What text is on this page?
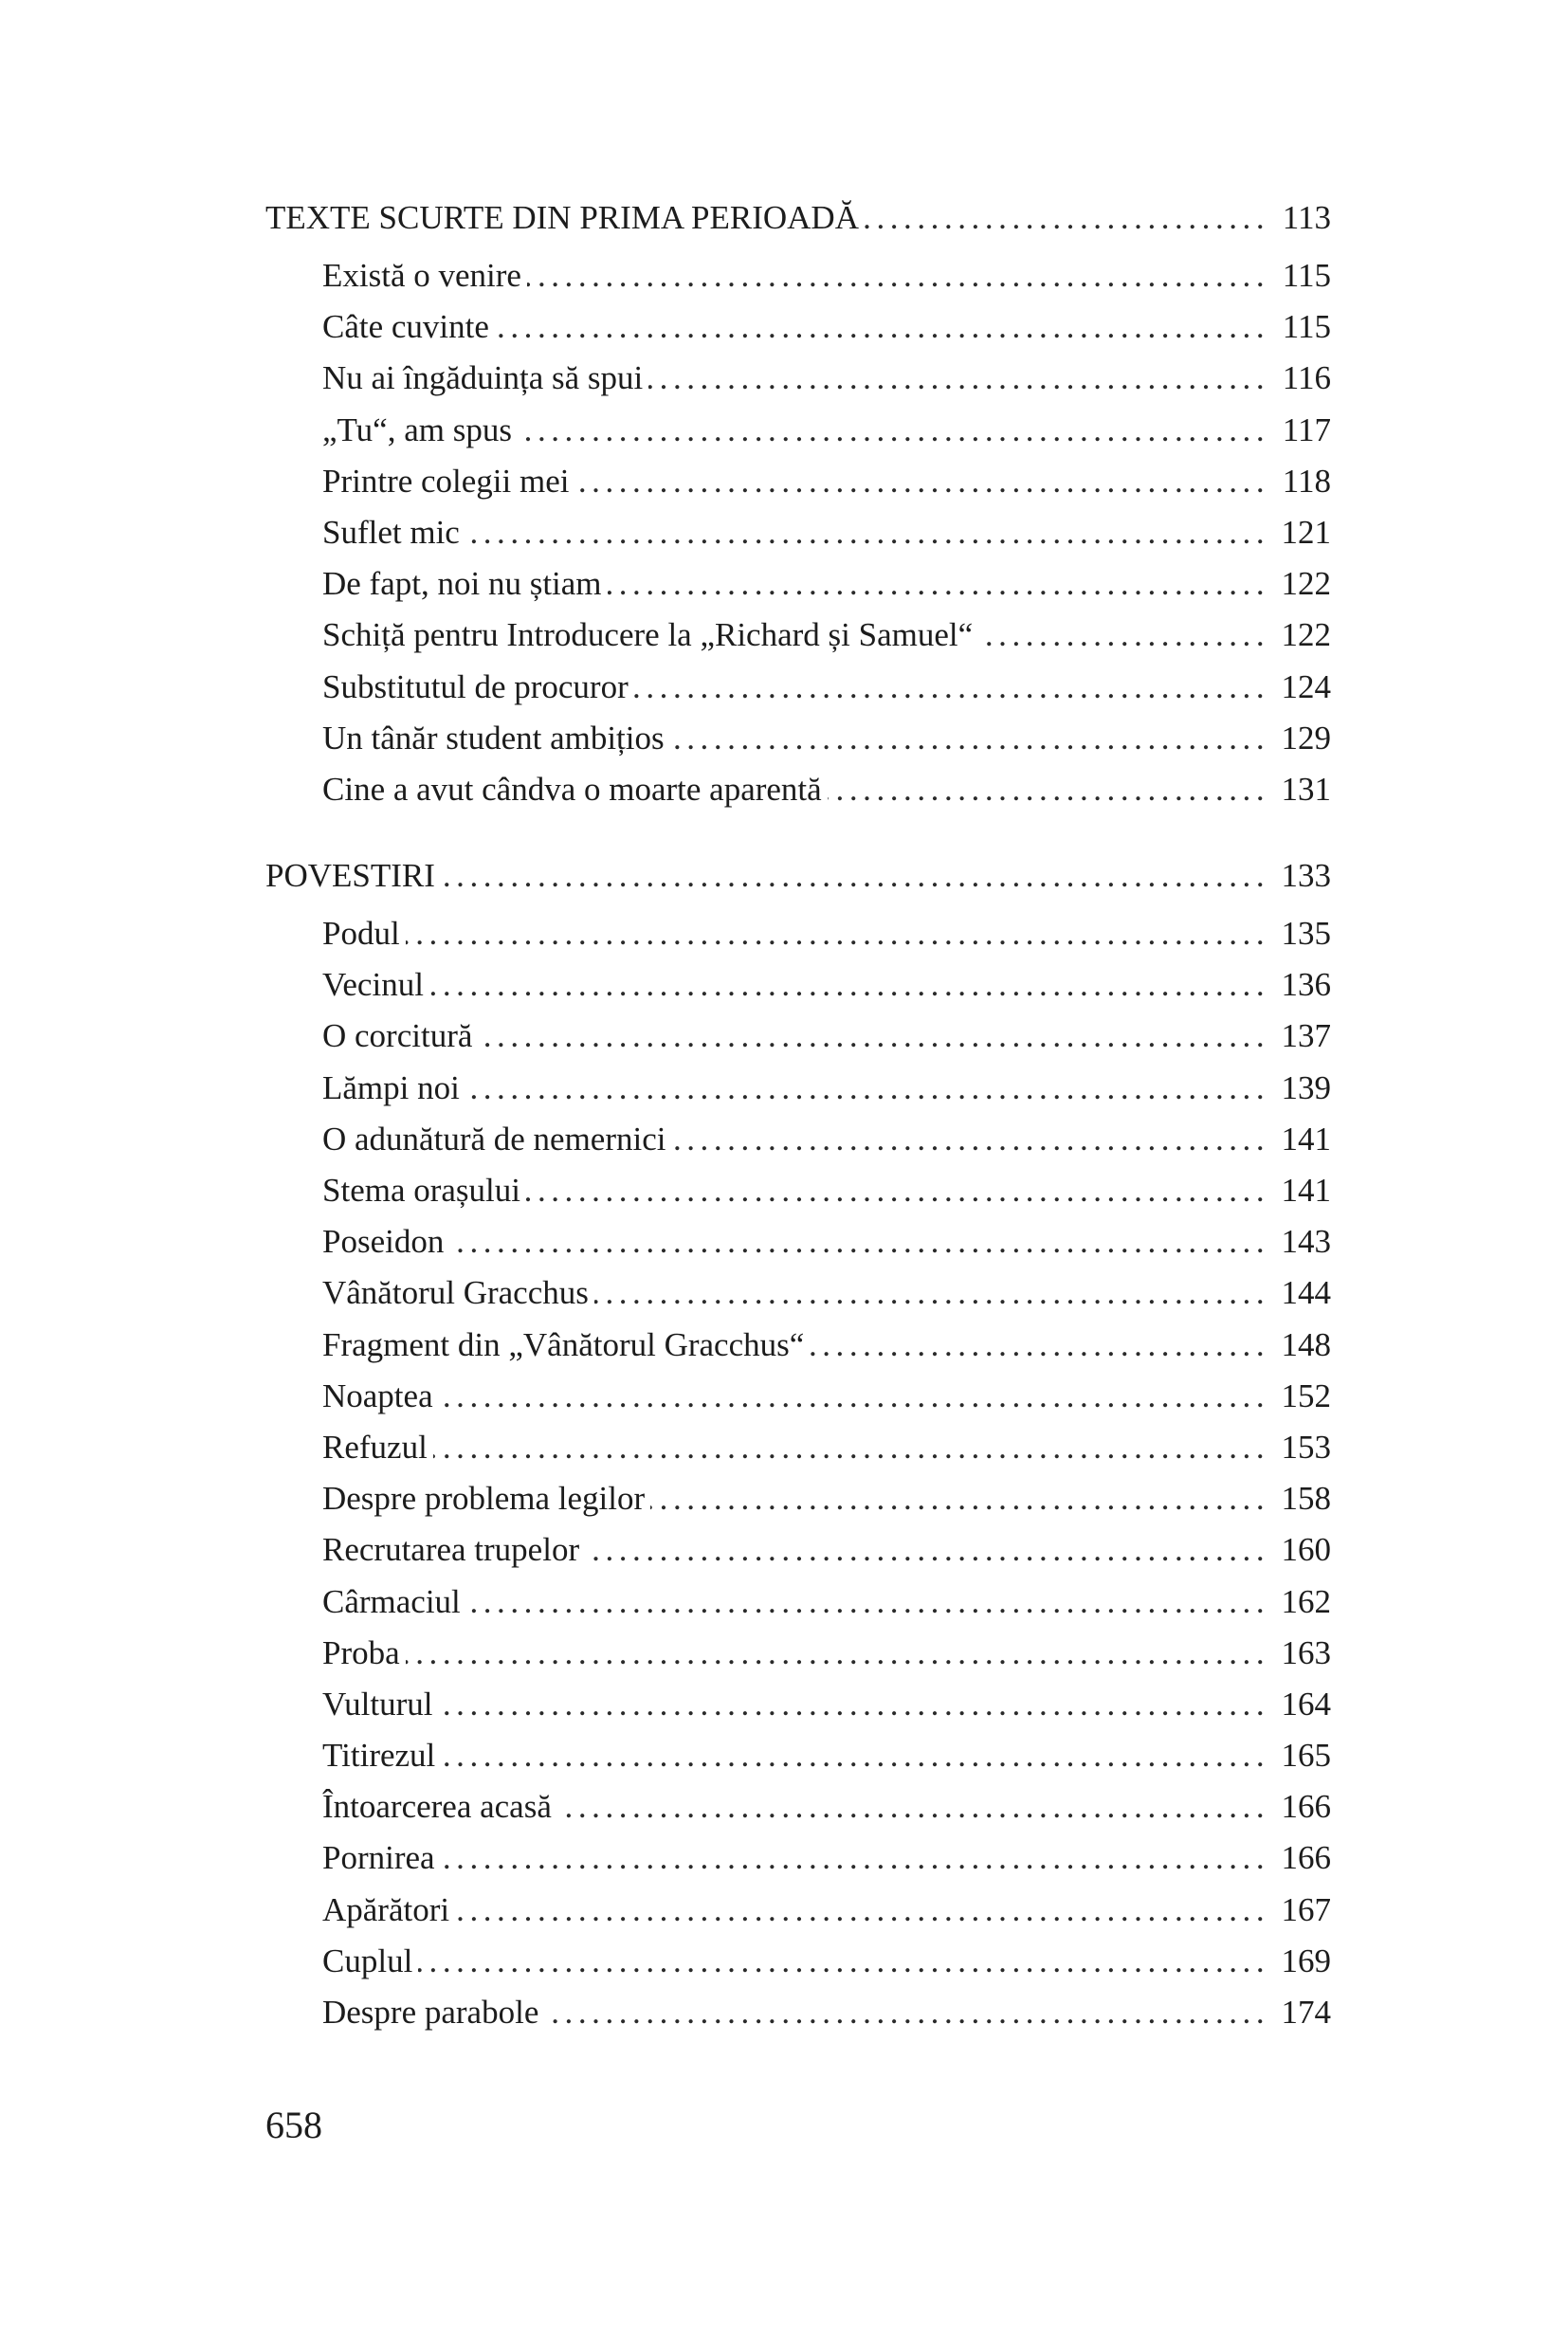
TEXTE SCURTE DIN PRIMA PERIOADĂ . . .	113
Există o venire . . .	115
Câte cuvinte . . .	115
Nu ai îngăduința să spui . . .	116
„Tu“, am spus . . .	117
Printre colegii mei . . .	118
Suflet mic . . .	121
De fapt, noi nu știam . . .	122
Schiță pentru Introducere la „Richard și Samuel“ . . .	122
Substitutul de procuror . . .	124
Un tânăr student ambițios . . .	129
Cine a avut cândva o moarte aparentă . . .	131
POVESTIRI . . .	133
Podul . . .	135
Vecinul . . .	136
O corcitură . . .	137
Lămpi noi . . .	139
O adunătură de nemernici . . .	141
Stema orașului . . .	141
Poseidon . . .	143
Vânătorul Gracchus . . .	144
Fragment din „Vânătorul Gracchus“ . . .	148
Noaptea . . .	152
Refuzul . . .	153
Despre problema legilor . . .	158
Recrutarea trupelor . . .	160
Cârmaciul . . .	162
Proba . . .	163
Vulturul . . .	164
Titirezul . . .	165
Întoarcerea acasă . . .	166
Pornirea . . .	166
Apărători . . .	167
Cuplul . . .	169
Despre parabole . . .	174
658
